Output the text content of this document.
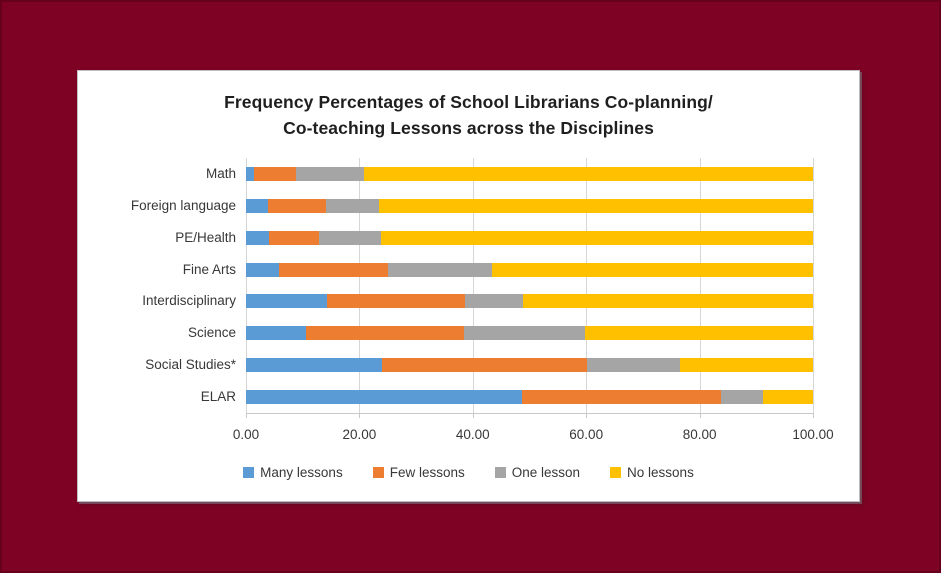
Frequency Percentages of School Librarians Co-planning/
Co-teaching Lessons across the Disciplines
Math
Foreign language
PE/Health
Fine Arts
Interdisciplinary
Science
Social Studies*
ELAR
0.00	20.00	40.00	60.00	80.00	100.00
Many lessons	Few lessons	One lesson	No lessons
